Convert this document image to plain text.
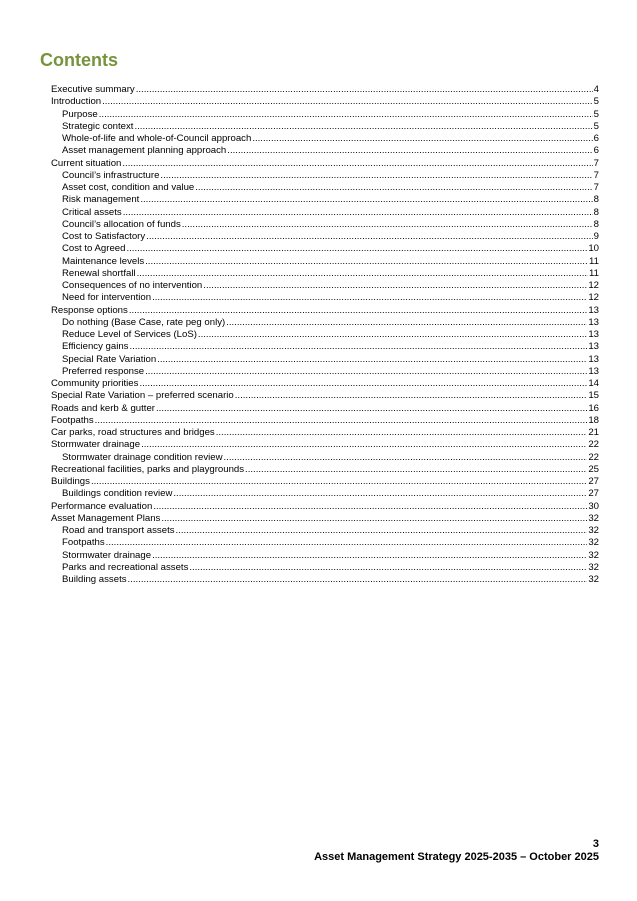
Contents
Executive summary .....	4
Introduction .....	5
Purpose .....	5
Strategic context .....	5
Whole-of-life and whole-of-Council approach .....	6
Asset management planning approach .....	6
Current situation .....	7
Council’s infrastructure .....	7
Asset cost, condition and value .....	7
Risk management .....	8
Critical assets .....	8
Council’s allocation of funds .....	8
Cost to Satisfactory .....	9
Cost to Agreed .....	10
Maintenance levels .....	11
Renewal shortfall .....	11
Consequences of no intervention .....	12
Need for intervention .....	12
Response options .....	13
Do nothing (Base Case, rate peg only) .....	13
Reduce Level of Services (LoS) .....	13
Efficiency gains .....	13
Special Rate Variation .....	13
Preferred response .....	13
Community priorities .....	14
Special Rate Variation – preferred scenario .....	15
Roads and kerb & gutter .....	16
Footpaths .....	18
Car parks, road structures and bridges .....	21
Stormwater drainage .....	22
Stormwater drainage condition review .....	22
Recreational facilities, parks and playgrounds .....	25
Buildings .....	27
Buildings condition review .....	27
Performance evaluation .....	30
Asset Management Plans .....	32
Road and transport assets .....	32
Footpaths .....	32
Stormwater drainage .....	32
Parks and recreational assets .....	32
Building assets .....	32
3
Asset Management Strategy 2025-2035 – October 2025
